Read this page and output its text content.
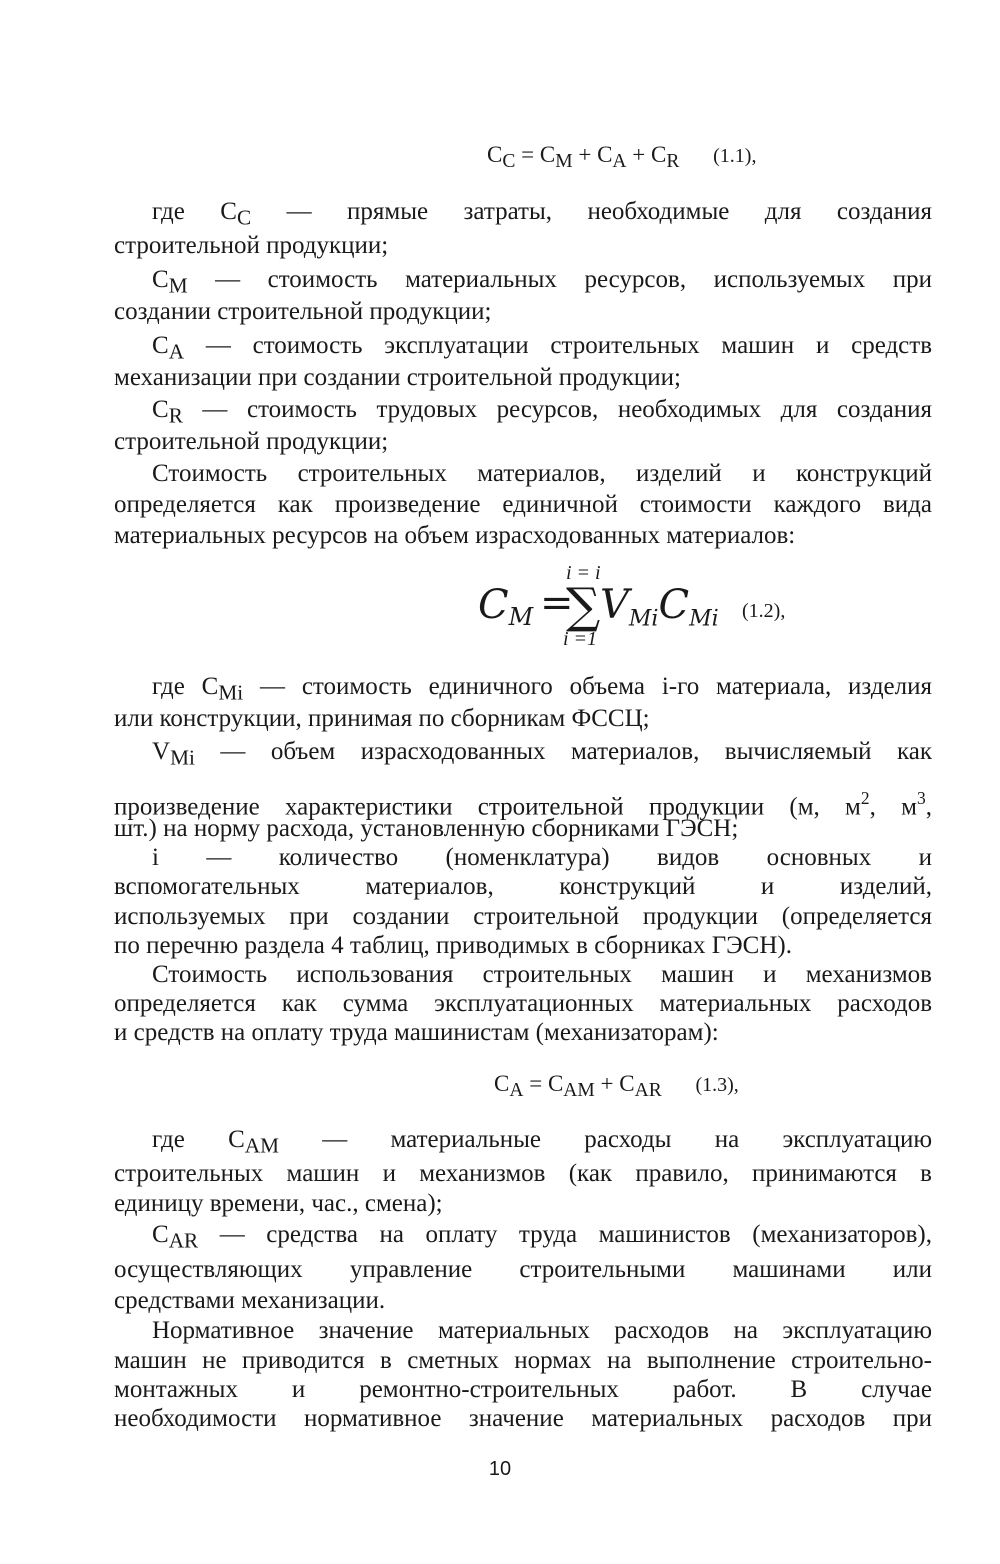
$C_C = C_M + C_A + C_R$ (1.1),
где $C_C$ — прямые затраты, необходимые для создания
строительной продукции;
$C_M$ — стоимость материальных ресурсов, используемых при
создании строительной продукции;
$C_A$ — стоимость эксплуатации строительных машин и средств
механизации при создании строительной продукции;
$C_R$ — стоимость трудовых ресурсов, необходимых для создания
строительной продукции;
Стоимость строительных материалов, изделий и конструкций
определяется как произведение единичной стоимости каждого вида
материальных ресурсов на объем израсходованных материалов:
$C_M$ =
∑
i = i
i =1
$V_{Mi}C_{Mi}$ (1.2),
где $C_{Mi}$ — стоимость единичного объема i-го материала, изделия
или конструкции, принимая по сборникам ФССЦ;
$V_{Mi}$ — объем израсходованных материалов, вычисляемый как
произведение характеристики строительной продукции (м, $м^2$, $м^3$,
шт.) на норму расхода, установленную сборниками ГЭСН;
i — количество (номенклатура) видов основных и
вспомогательных материалов, конструкций и изделий,
используемых при создании строительной продукции (определяется
по перечню раздела 4 таблиц, приводимых в сборниках ГЭСН).
Стоимость использования строительных машин и механизмов
определяется как сумма эксплуатационных материальных расходов
и средств на оплату труда машинистам (механизаторам):
$C_A = C_{AM} + C_{AR}$ (1.3),
где $C_{AM}$ — материальные расходы на эксплуатацию
строительных машин и механизмов (как правило, принимаются в
единицу времени, час., смена);
$C_{AR}$ — средства на оплату труда машинистов (механизаторов),
осуществляющих управление строительными машинами или
средствами механизации.
Нормативное значение материальных расходов на эксплуатацию
машин не приводится в сметных нормах на выполнение строительно-
монтажных и ремонтно-строительных работ. В случае
необходимости нормативное значение материальных расходов при
10
